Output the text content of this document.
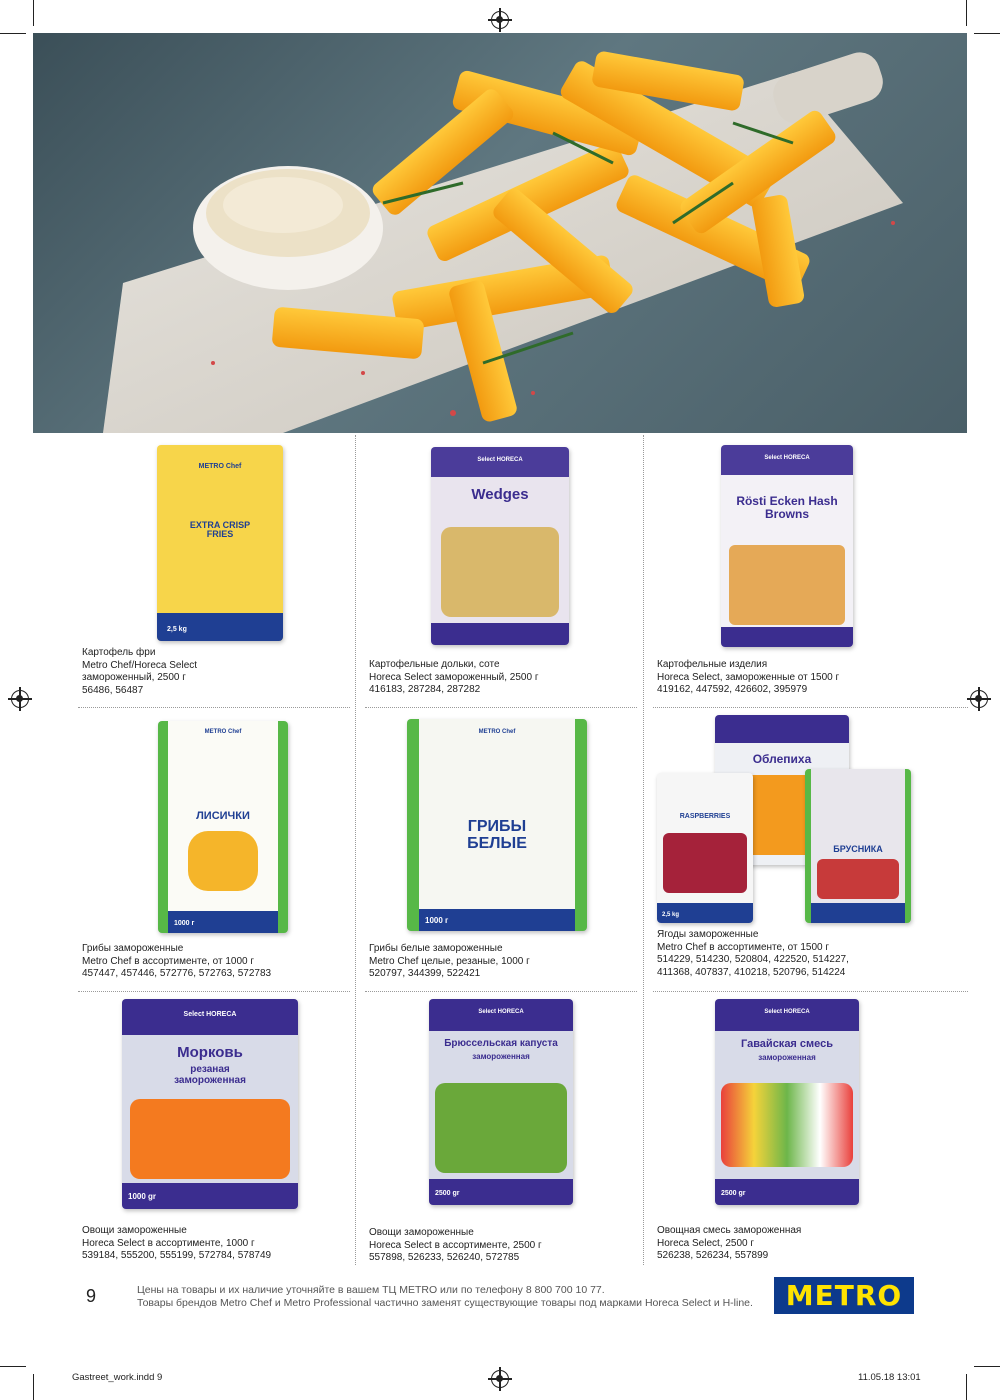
METRO Chef
EXTRA CRISP FRIES
2,5 kg
Картофель фри
Metro Chef/Horeca Select
замороженный, 2500 г
56486, 56487
Select HORECA
Wedges
Картофельные дольки, соте
Horeca Select замороженный, 2500 г
416183, 287284, 287282
Select HORECA
Rösti Ecken Hash Browns
Картофельные изделия
Horeca Select, замороженные от 1500 г
419162, 447592, 426602, 395979
METRO Chef
ЛИСИЧКИ
1000 г
Грибы замороженные
Metro Chef в ассортименте, от 1000 г
457447, 457446, 572776, 572763, 572783
METRO Chef
ГРИБЫ БЕЛЫЕ
1000 г
Грибы белые замороженные
Metro Chef целые, резаные, 1000 г
520797, 344399, 522421
Облепиха
RASPBERRIES
2,5 kg
БРУСНИКА
Ягоды замороженные
Metro Chef в ассортименте, от 1500 г
514229, 514230, 520804, 422520, 514227,
411368, 407837, 410218, 520796, 514224
Select HORECA
Морковь
резаная замороженная
1000 gr
Овощи замороженные
Horeca Select в ассортименте, 1000 г
539184, 555200, 555199, 572784, 578749
Select HORECA
Брюссельская капуста
замороженная
2500 gr
Овощи замороженные
Horeca Select в ассортименте, 2500 г
557898, 526233, 526240, 572785
Select HORECA
Гавайская смесь
замороженная
2500 gr
Овощная смесь замороженная
Horeca Select, 2500 г
526238, 526234, 557899
9	Цены на товары и их наличие уточняйте в вашем ТЦ METRO или по телефону 8 800 700 10 77.
Товары брендов Metro Chef и Metro Professional частично заменят существующие товары под марками Horeca Select и H-line. METRO
Gastreet_work.indd 9	11.05.18 13:01
